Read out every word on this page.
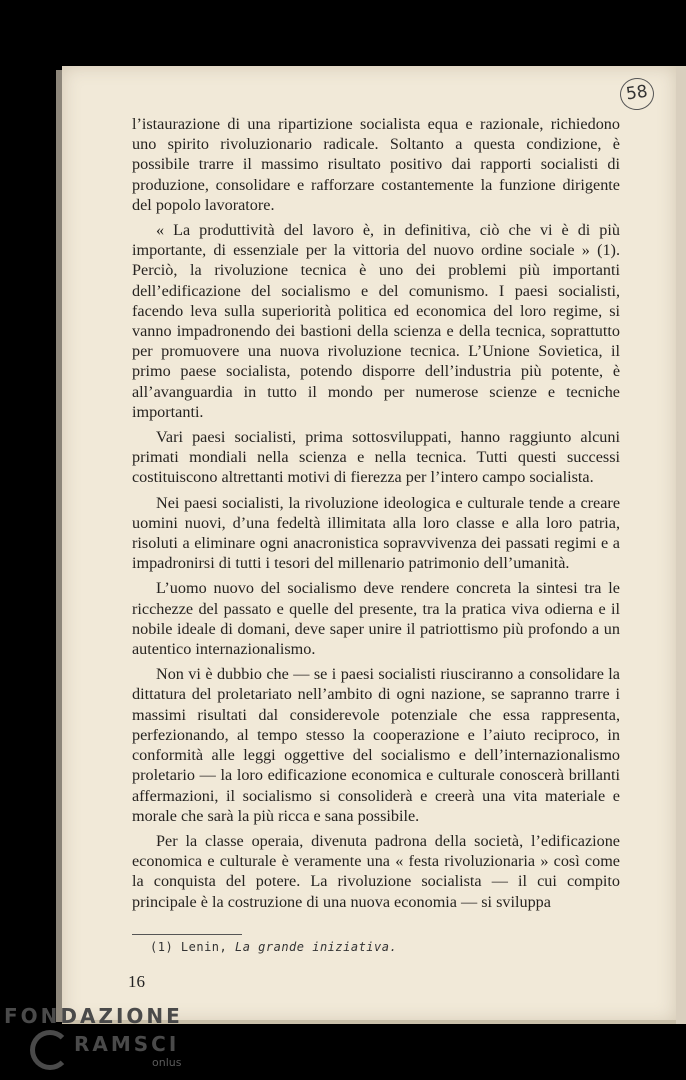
58

l’istaurazione di una ripartizione socialista equa e razionale, richiedono uno spirito rivoluzionario radicale. Soltanto a questa condizione, è possibile trarre il massimo risultato positivo dai rapporti socialisti di produzione, consolidare e rafforzare costantemente la funzione dirigente del popolo lavoratore.

« La produttività del lavoro è, in definitiva, ciò che vi è di più importante, di essenziale per la vittoria del nuovo ordine sociale » (1). Perciò, la rivoluzione tecnica è uno dei problemi più importanti dell’edificazione del socialismo e del comunismo. I paesi socialisti, facendo leva sulla superiorità politica ed economica del loro regime, si vanno impadronendo dei bastioni della scienza e della tecnica, soprattutto per promuovere una nuova rivoluzione tecnica. L’Unione Sovietica, il primo paese socialista, potendo disporre dell’industria più potente, è all’avanguardia in tutto il mondo per numerose scienze e tecniche importanti.

Vari paesi socialisti, prima sottosviluppati, hanno raggiunto alcuni primati mondiali nella scienza e nella tecnica. Tutti questi successi costituiscono altrettanti motivi di fierezza per l’intero campo socialista.

Nei paesi socialisti, la rivoluzione ideologica e culturale tende a creare uomini nuovi, d’una fedeltà illimitata alla loro classe e alla loro patria, risoluti a eliminare ogni anacronistica sopravvivenza dei passati regimi e a impadronirsi di tutti i tesori del millenario patrimonio dell’umanità.

L’uomo nuovo del socialismo deve rendere concreta la sintesi tra le ricchezze del passato e quelle del presente, tra la pratica viva odierna e il nobile ideale di domani, deve saper unire il patriottismo più profondo a un autentico internazionalismo.

Non vi è dubbio che — se i paesi socialisti riusciranno a consolidare la dittatura del proletariato nell’ambito di ogni nazione, se sapranno trarre i massimi risultati dal considerevole potenziale che essa rappresenta, perfezionando, al tempo stesso la cooperazione e l’aiuto reciproco, in conformità alle leggi oggettive del socialismo e dell’internazionalismo proletario — la loro edificazione economica e culturale conoscerà brillanti affermazioni, il socialismo si consoliderà e creerà una vita materiale e morale che sarà la più ricca e sana possibile.

Per la classe operaia, divenuta padrona della società, l’edificazione economica e culturale è veramente una « festa rivoluzionaria » così come la conquista del potere. La rivoluzione socialista — il cui compito principale è la costruzione di una nuova economia — si sviluppa

(1) Lenin, La grande iniziativa.
16
FONDAZIONE
RAMSCI
onlus
